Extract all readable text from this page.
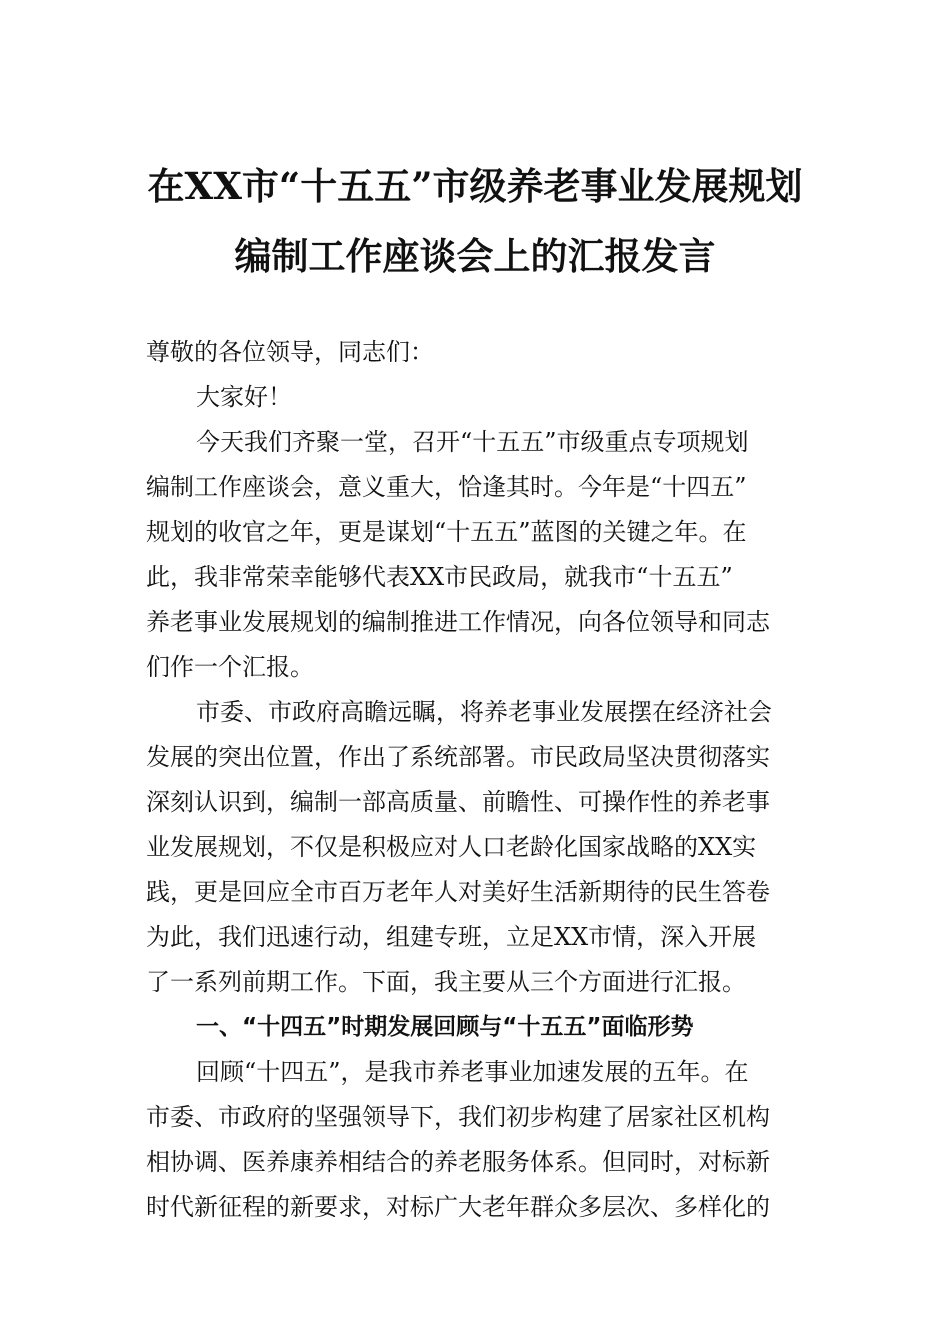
在XX市“十五五”市级养老事业发展规划
编制工作座谈会上的汇报发言

尊敬的各位领导，同志们：

大家好！

今天我们齐聚一堂，召开“十五五”市级重点专项规划

编制工作座谈会，意义重大，恰逢其时。今年是“十四五”

规划的收官之年，更是谋划“十五五”蓝图的关键之年。在

此，我非常荣幸能够代表XX市民政局，就我市“十五五”

养老事业发展规划的编制推进工作情况，向各位领导和同志

们作一个汇报。

市委、市政府高瞻远瞩，将养老事业发展摆在经济社会

发展的突出位置，作出了系统部署。市民政局坚决贯彻落实

深刻认识到，编制一部高质量、前瞻性、可操作性的养老事

业发展规划，不仅是积极应对人口老龄化国家战略的XX实

践，更是回应全市百万老年人对美好生活新期待的民生答卷

为此，我们迅速行动，组建专班，立足XX市情，深入开展

了一系列前期工作。下面，我主要从三个方面进行汇报。

一、“十四五”时期发展回顾与“十五五”面临形势

回顾“十四五”，是我市养老事业加速发展的五年。在

市委、市政府的坚强领导下，我们初步构建了居家社区机构

相协调、医养康养相结合的养老服务体系。但同时，对标新

时代新征程的新要求，对标广大老年群众多层次、多样化的
